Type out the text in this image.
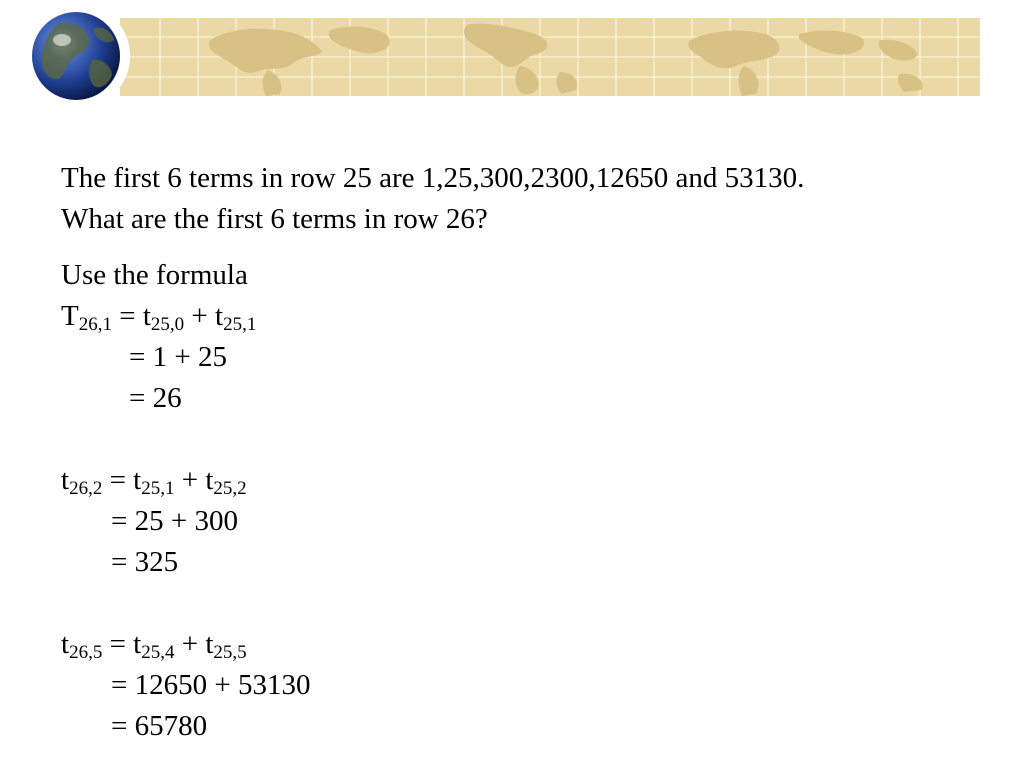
The first 6 terms in row 25 are 1,25,300,2300,12650 and 53130.
What are the first 6 terms in row 26?
Use the formula
$T_{26,1} = t_{25,0} + t_{25,1}$
= 1 + 25
= 26
$t_{26,2} = t_{25,1} + t_{25,2}$
= 25 + 300
= 325
$t_{26,5} = t_{25,4} + t_{25,5}$
= 12650 + 53130
= 65780
